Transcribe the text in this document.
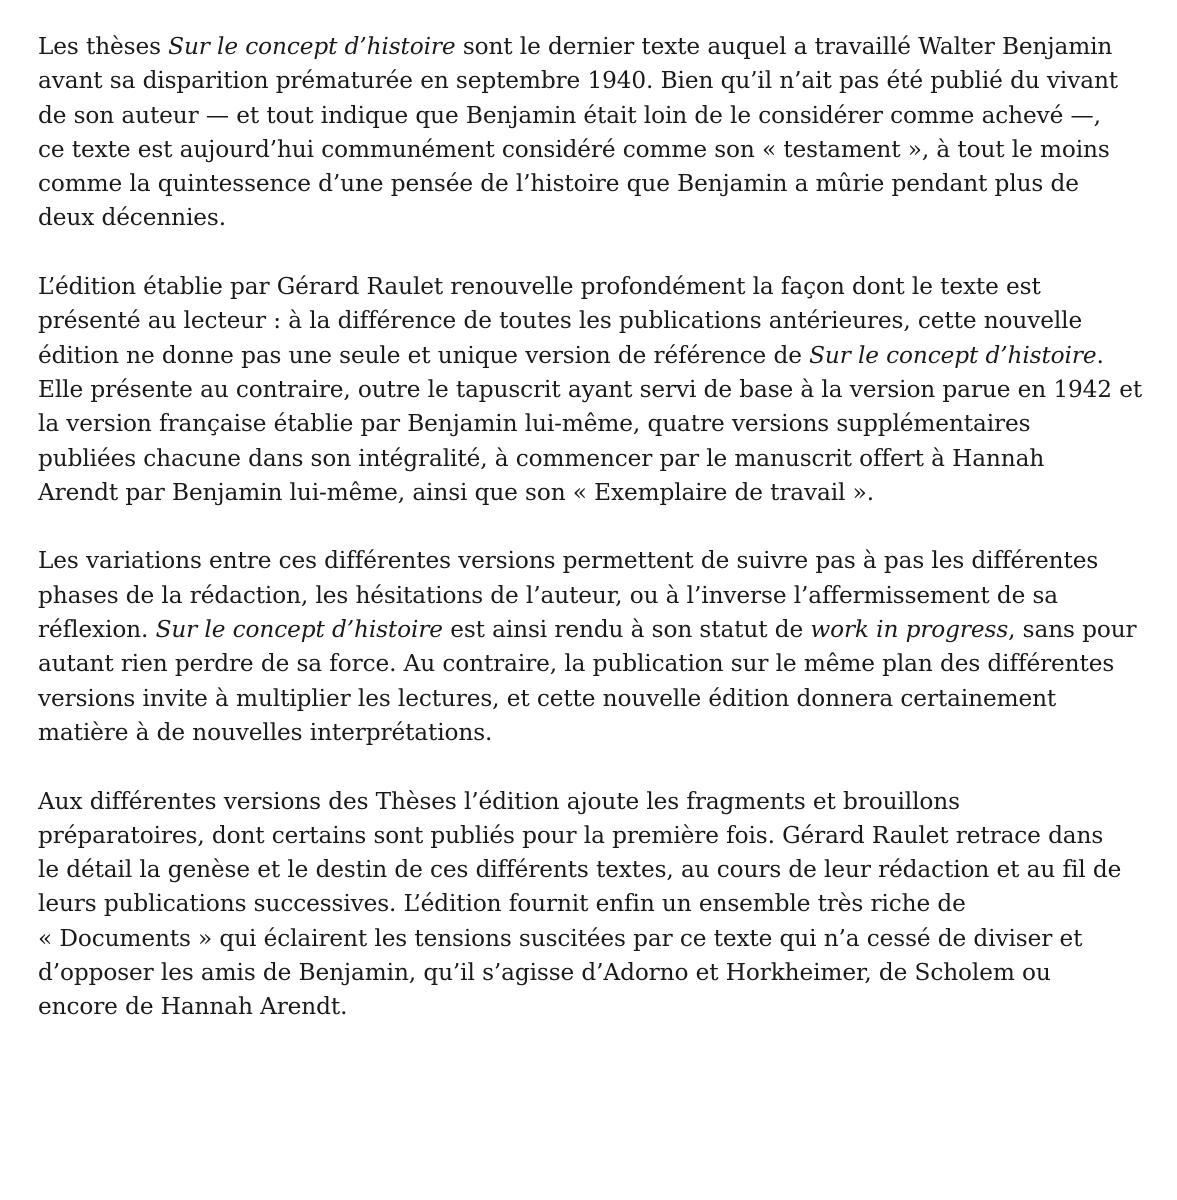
Les thèses Sur le concept d’histoire sont le dernier texte auquel a travaillé Walter Benjamin
avant sa disparition prématurée en septembre 1940. Bien qu’il n’ait pas été publié du vivant
de son auteur — et tout indique que Benjamin était loin de le considérer comme achevé —,
ce texte est aujourd’hui communément considéré comme son « testament », à tout le moins
comme la quintessence d’une pensée de l’histoire que Benjamin a mûrie pendant plus de
deux décennies.

L’édition établie par Gérard Raulet renouvelle profondément la façon dont le texte est
présenté au lecteur : à la différence de toutes les publications antérieures, cette nouvelle
édition ne donne pas une seule et unique version de référence de Sur le concept d’histoire.
Elle présente au contraire, outre le tapuscrit ayant servi de base à la version parue en 1942 et
la version française établie par Benjamin lui-même, quatre versions supplémentaires
publiées chacune dans son intégralité, à commencer par le manuscrit offert à Hannah
Arendt par Benjamin lui-même, ainsi que son « Exemplaire de travail ».

Les variations entre ces différentes versions permettent de suivre pas à pas les différentes
phases de la rédaction, les hésitations de l’auteur, ou à l’inverse l’affermissement de sa
réflexion. Sur le concept d’histoire est ainsi rendu à son statut de work in progress, sans pour
autant rien perdre de sa force. Au contraire, la publication sur le même plan des différentes
versions invite à multiplier les lectures, et cette nouvelle édition donnera certainement
matière à de nouvelles interprétations.

Aux différentes versions des Thèses l’édition ajoute les fragments et brouillons
préparatoires, dont certains sont publiés pour la première fois. Gérard Raulet retrace dans
le détail la genèse et le destin de ces différents textes, au cours de leur rédaction et au fil de
leurs publications successives. L’édition fournit enfin un ensemble très riche de
« Documents » qui éclairent les tensions suscitées par ce texte qui n’a cessé de diviser et
d’opposer les amis de Benjamin, qu’il s’agisse d’Adorno et Horkheimer, de Scholem ou
encore de Hannah Arendt.
